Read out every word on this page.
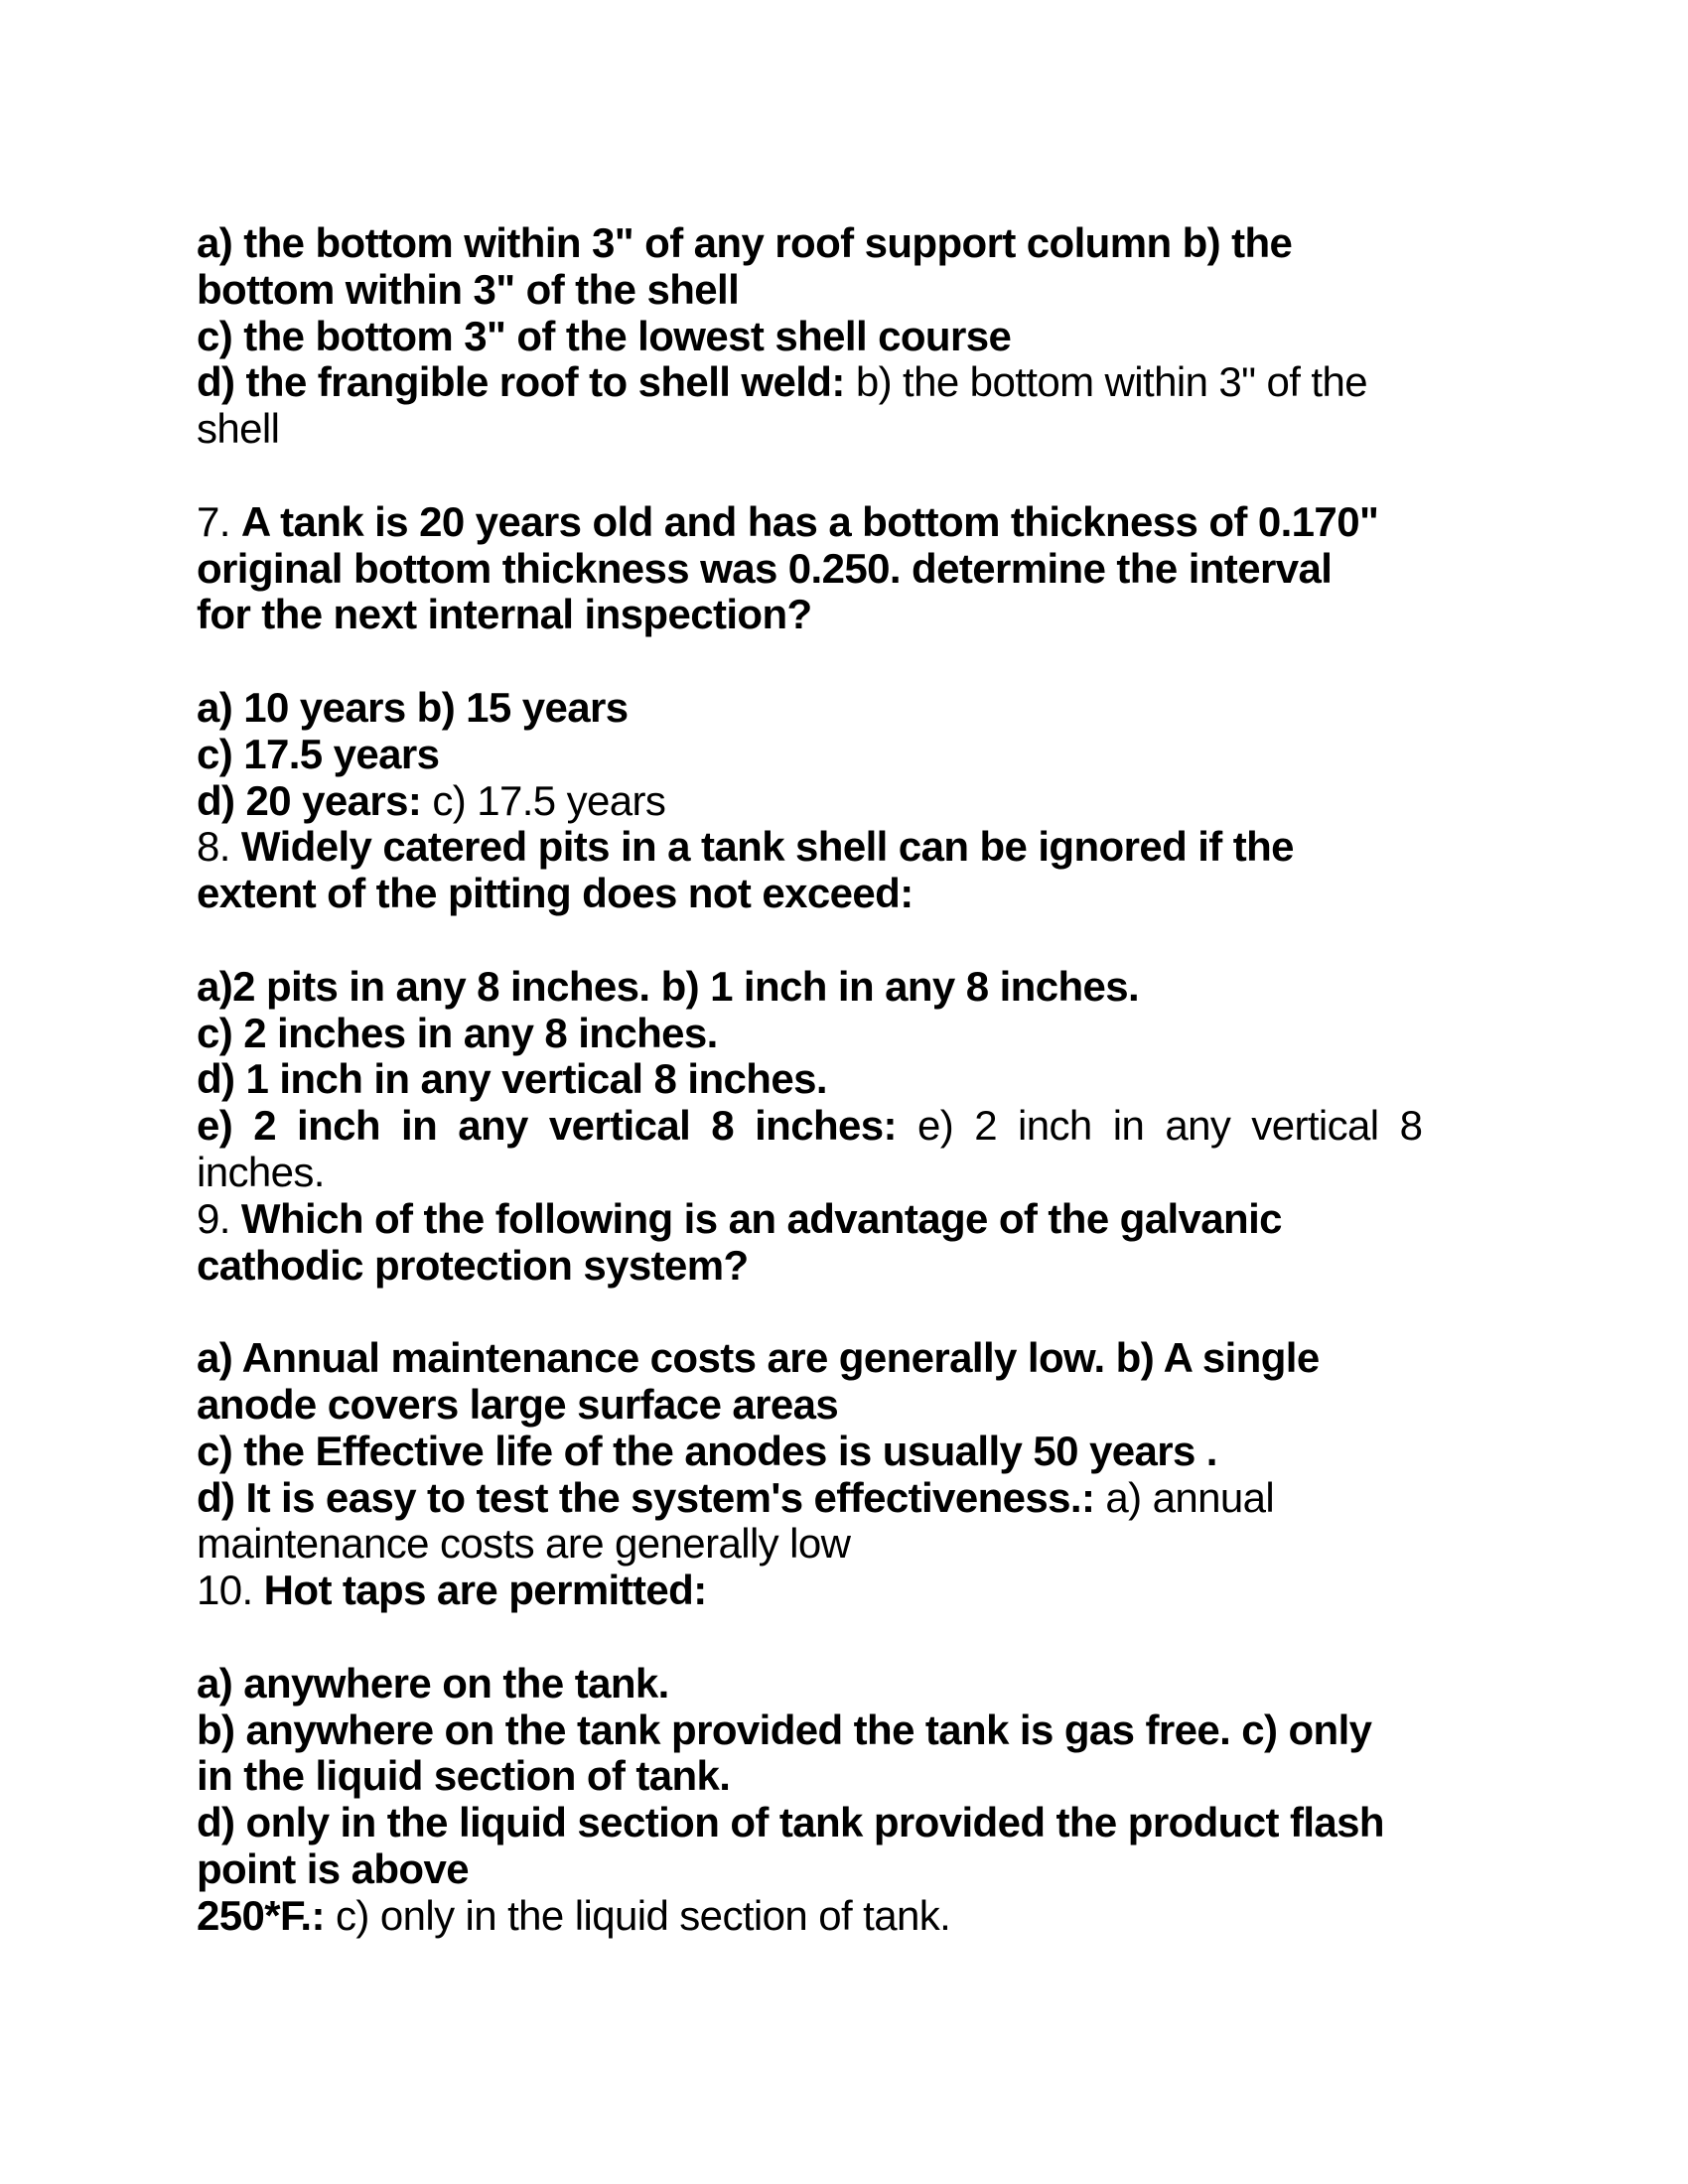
a) the bottom within 3" of any roof support column b) the
bottom within 3" of the shell
c) the bottom 3" of the lowest shell course
d) the frangible roof to shell weld: b) the bottom within 3" of the
shell
7. A tank is 20 years old and has a bottom thickness of 0.170"
original bottom thickness was 0.250. determine the interval
for the next internal inspection?
a) 10 years b) 15 years
c) 17.5 years
d) 20 years: c) 17.5 years
8. Widely catered pits in a tank shell can be ignored if the
extent of the pitting does not exceed:
a)2 pits in any 8 inches. b) 1 inch in any 8 inches.
c) 2 inches in any 8 inches.
d) 1 inch in any vertical 8 inches.
e) 2 inch in any vertical 8 inches: e) 2 inch in any vertical 8
inches.
9. Which of the following is an advantage of the galvanic
cathodic protection system?
a) Annual maintenance costs are generally low. b) A single
anode covers large surface areas
c) the Effective life of the anodes is usually 50 years .
d) It is easy to test the system's effectiveness.: a) annual
maintenance costs are generally low
10. Hot taps are permitted:
a) anywhere on the tank.
b) anywhere on the tank provided the tank is gas free. c) only
in the liquid section of tank.
d) only in the liquid section of tank provided the product flash
point is above
250*F.: c) only in the liquid section of tank.
